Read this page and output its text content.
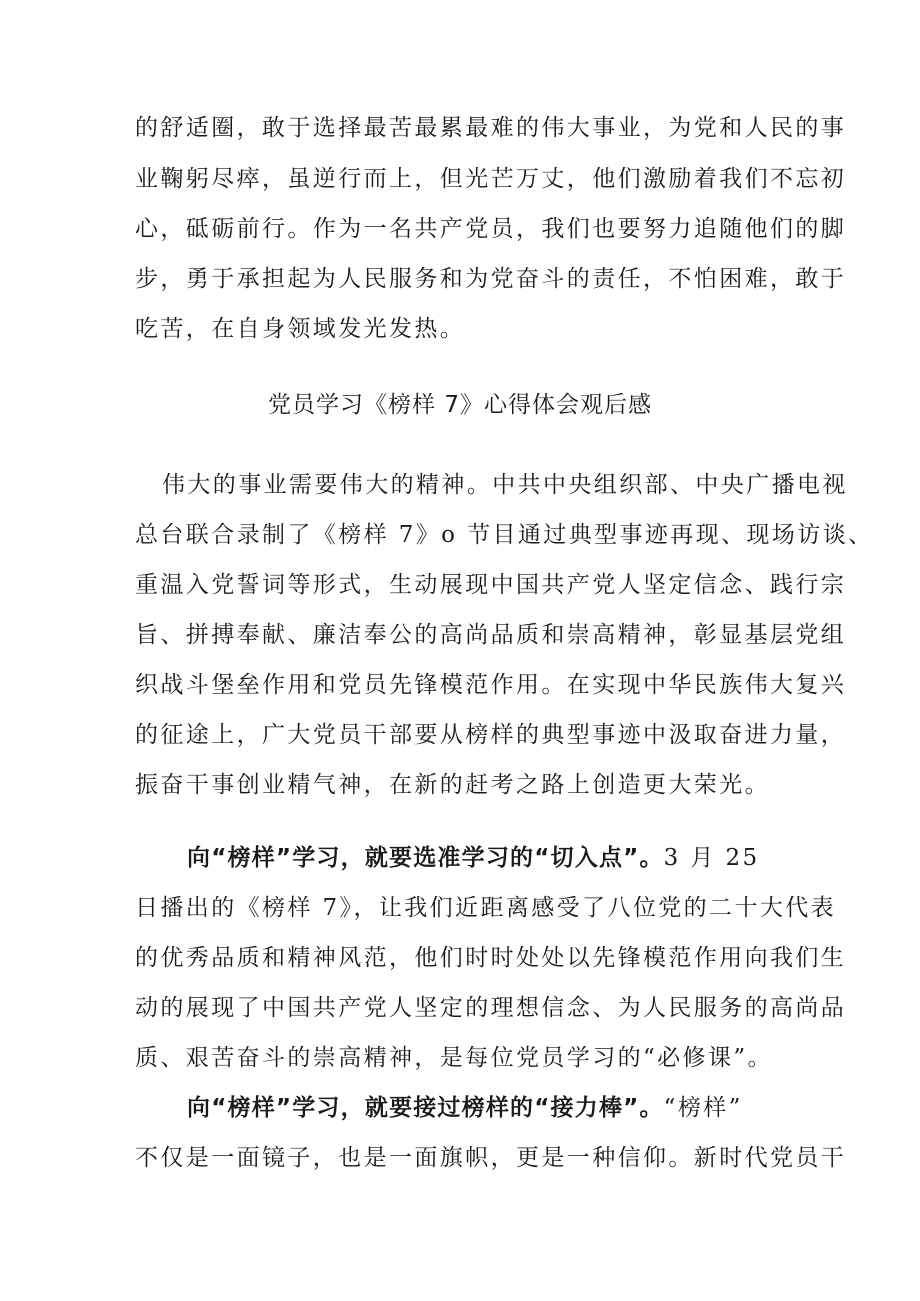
的舒适圈，敢于选择最苦最累最难的伟大事业，为党和人民的事
业鞠躬尽瘁，虽逆行而上，但光芒万丈，他们激励着我们不忘初
心，砥砺前行。作为一名共产党员，我们也要努力追随他们的脚
步，勇于承担起为人民服务和为党奋斗的责任，不怕困难，敢于
吃苦，在自身领域发光发热。
党员学习《榜样 7》心得体会观后感
伟大的事业需要伟大的精神。中共中央组织部、中央广播电视
总台联合录制了《榜样 7》o 节目通过典型事迹再现、现场访谈、
重温入党誓词等形式，生动展现中国共产党人坚定信念、践行宗
旨、拼搏奉献、廉洁奉公的高尚品质和崇高精神，彰显基层党组
织战斗堡垒作用和党员先锋模范作用。在实现中华民族伟大复兴
的征途上，广大党员干部要从榜样的典型事迹中汲取奋进力量，
振奋干事创业精气神，在新的赶考之路上创造更大荣光。
向“榜样”学习，就要选准学习的“切入点”。3 月 25
日播出的《榜样 7》，让我们近距离感受了八位党的二十大代表
的优秀品质和精神风范，他们时时处处以先锋模范作用向我们生
动的展现了中国共产党人坚定的理想信念、为人民服务的高尚品
质、艰苦奋斗的崇高精神，是每位党员学习的“必修课”。
向“榜样”学习，就要接过榜样的“接力棒”。“榜样”
不仅是一面镜子，也是一面旗帜，更是一种信仰。新时代党员干
